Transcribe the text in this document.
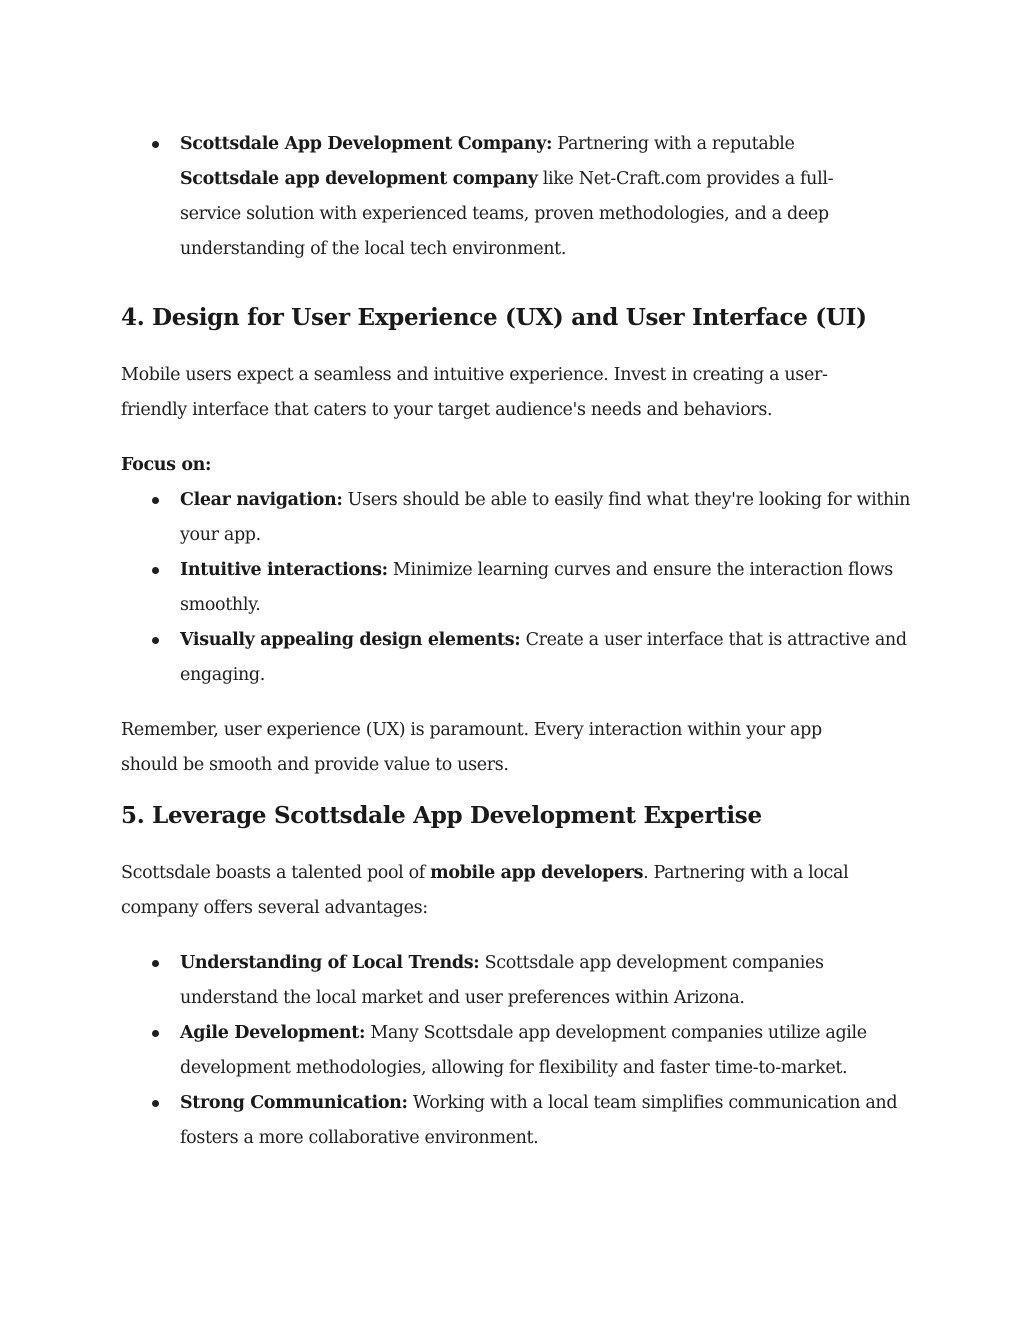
Scottsdale App Development Company: Partnering with a reputable Scottsdale app development company like Net-Craft.com provides a full-service solution with experienced teams, proven methodologies, and a deep understanding of the local tech environment.
4. Design for User Experience (UX) and User Interface (UI)

Mobile users expect a seamless and intuitive experience. Invest in creating a user-friendly interface that caters to your target audience's needs and behaviors.

Focus on:

Clear navigation: Users should be able to easily find what they're looking for within your app.
Intuitive interactions: Minimize learning curves and ensure the interaction flows smoothly.
Visually appealing design elements: Create a user interface that is attractive and engaging.

Remember, user experience (UX) is paramount. Every interaction within your app should be smooth and provide value to users.

5. Leverage Scottsdale App Development Expertise

Scottsdale boasts a talented pool of mobile app developers. Partnering with a local company offers several advantages:

Understanding of Local Trends: Scottsdale app development companies understand the local market and user preferences within Arizona.
Agile Development: Many Scottsdale app development companies utilize agile development methodologies, allowing for flexibility and faster time-to-market.
Strong Communication: Working with a local team simplifies communication and fosters a more collaborative environment.
